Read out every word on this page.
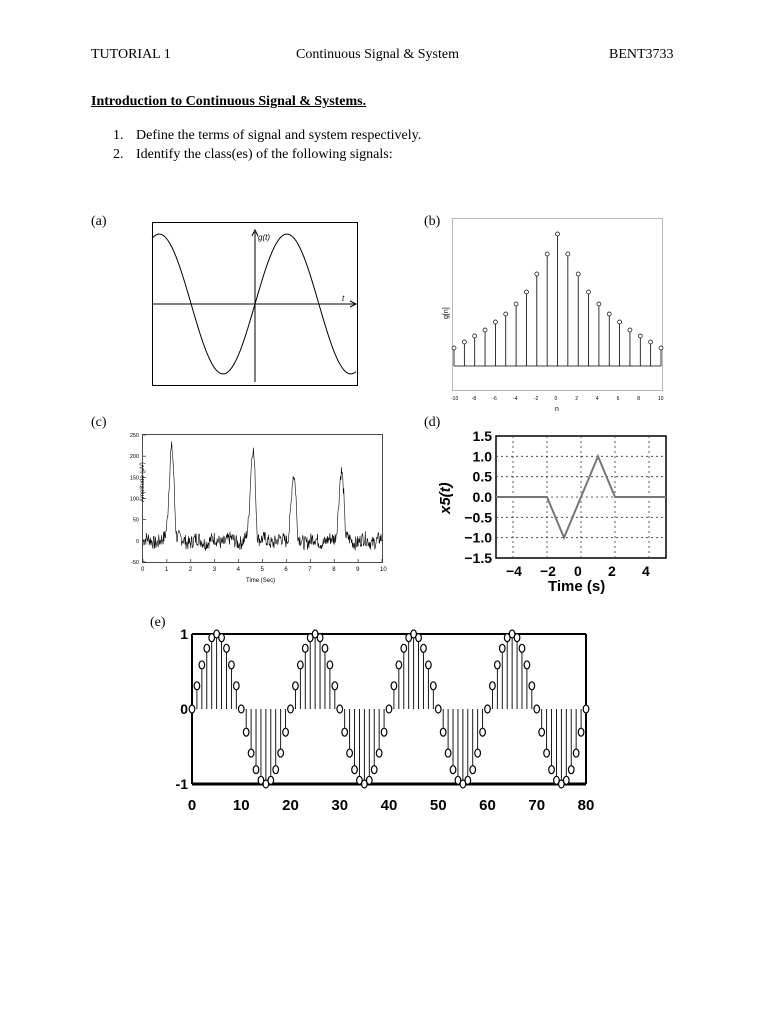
TUTORIAL 1	Continuous Signal & System	BENT3733
Introduction to Continuous Signal & Systems.
1. Define the terms of signal and system respectively.
2. Identify the class(es) of the following signals:
(a)	(b)
(c)	(d)
(e)
g(t)
t
g[n]
n
-10	-8	-6	-4	-2	0	2	4	6	8	10
Amplitude (μV)
Time (Sec)
0	1	2	3	4	5	6	7	8	9	10
-50
0
50
100
150
200
250
x5(t)
Time (s)
−4 −2 0 2 4
1.5
1.0
0.5
0.0
−0.5
−1.0
−1.5
0 10 20 30 40 50 60 70 80
1
0
-1
